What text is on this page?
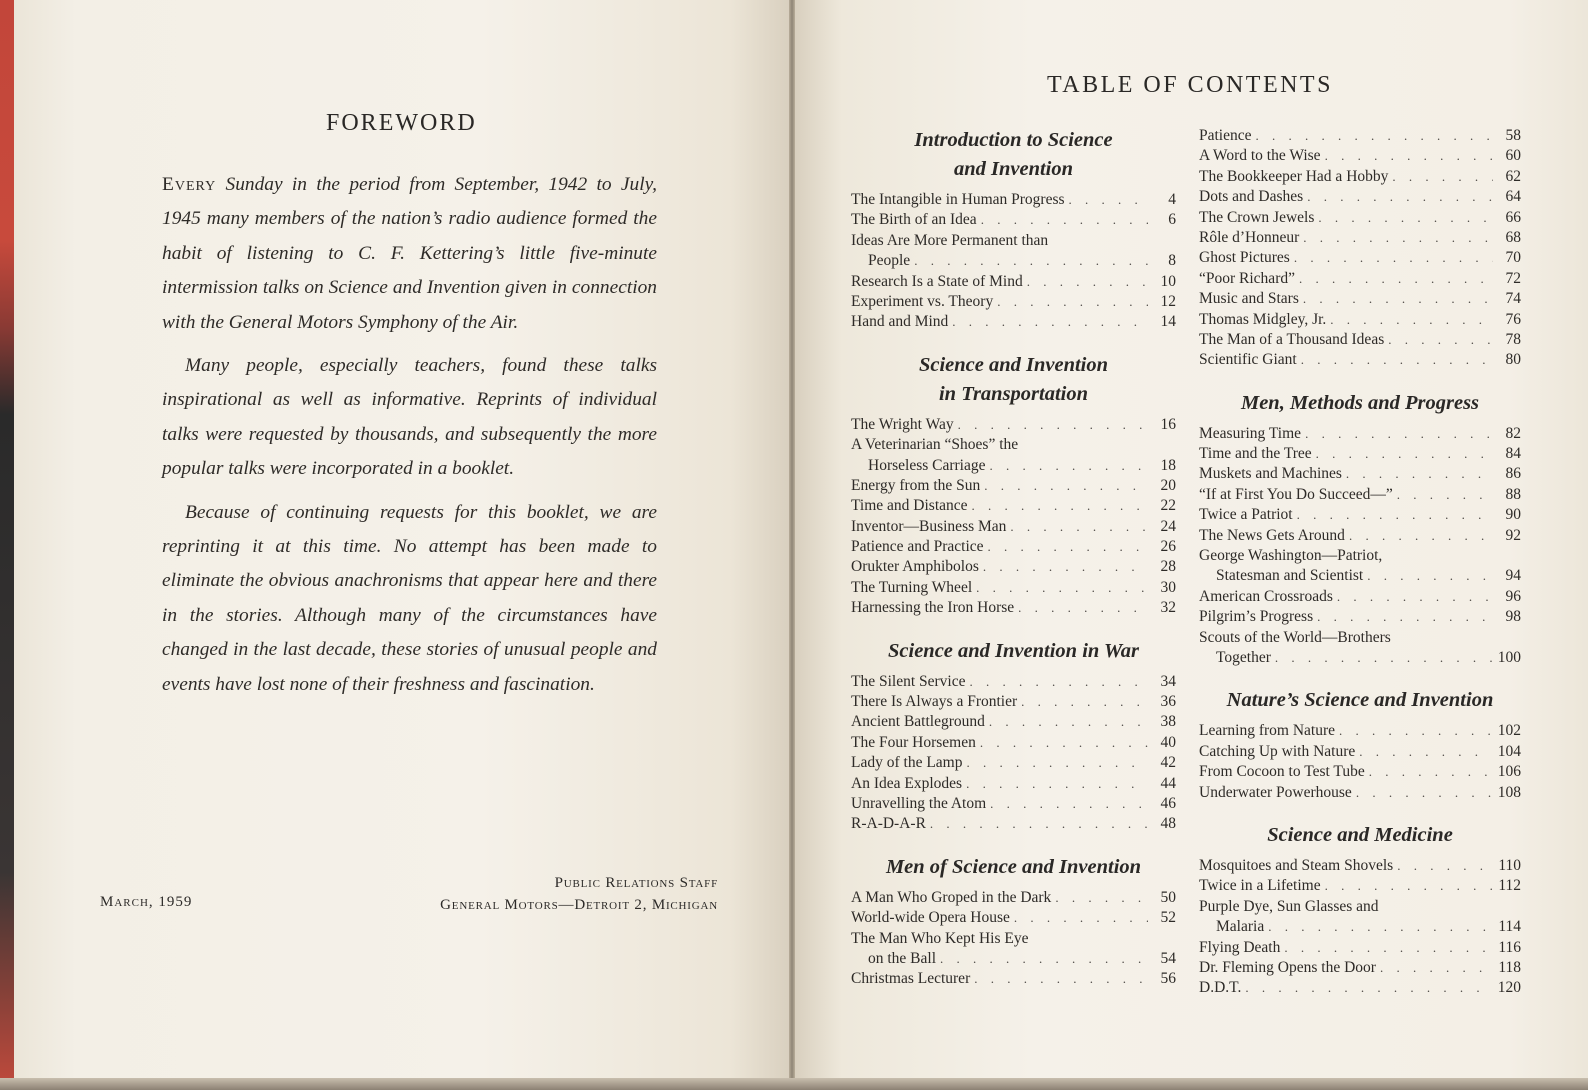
FOREWORD

Every Sunday in the period from September, 1942 to July, 1945 many members of the nation’s radio audience formed the habit of listening to C. F. Kettering’s little five-minute intermission talks on Science and Invention given in connection with the General Motors Symphony of the Air.

Many people, especially teachers, found these talks inspirational as well as informative. Reprints of individual talks were requested by thousands, and subsequently the more popular talks were incorporated in a booklet.

Because of continuing requests for this booklet, we are reprinting it at this time. No attempt has been made to eliminate the obvious anachronisms that appear here and there in the stories. Although many of the circumstances have changed in the last decade, these stories of unusual people and events have lost none of their freshness and fascination.

March, 1959
Public Relations Staff
General Motors—Detroit 2, Michigan
TABLE OF CONTENTS
Introduction to Science
and Invention
The Intangible in Human Progress . . .	4
The Birth of an Idea . . .	6
Ideas Are More Permanent than
People . . .	8
Research Is a State of Mind . . .	10
Experiment vs. Theory . . .	12
Hand and Mind . . .	14
Science and Invention
in Transportation
The Wright Way . . .	16
A Veterinarian “Shoes” the
Horseless Carriage . . .	18
Energy from the Sun . . .	20
Time and Distance . . .	22
Inventor—Business Man . . .	24
Patience and Practice . . .	26
Orukter Amphibolos . . .	28
The Turning Wheel . . .	30
Harnessing the Iron Horse . . .	32
Science and Invention in War
The Silent Service . . .	34
There Is Always a Frontier . . .	36
Ancient Battleground . . .	38
The Four Horsemen . . .	40
Lady of the Lamp . . .	42
An Idea Explodes . . .	44
Unravelling the Atom . . .	46
R-A-D-A-R . . .	48
Men of Science and Invention
A Man Who Groped in the Dark . . .	50
World-wide Opera House . . .	52
The Man Who Kept His Eye
on the Ball . . .	54
Christmas Lecturer . . .	56
Patience . . .	58
A Word to the Wise . . .	60
The Bookkeeper Had a Hobby . . .	62
Dots and Dashes . . .	64
The Crown Jewels . . .	66
Rôle d’Honneur . . .	68
Ghost Pictures . . .	70
“Poor Richard” . . .	72
Music and Stars . . .	74
Thomas Midgley, Jr. . . .	76
The Man of a Thousand Ideas . . .	78
Scientific Giant . . .	80
Men, Methods and Progress
Measuring Time . . .	82
Time and the Tree . . .	84
Muskets and Machines . . .	86
“If at First You Do Succeed—” . . .	88
Twice a Patriot . . .	90
The News Gets Around . . .	92
George Washington—Patriot,
Statesman and Scientist . . .	94
American Crossroads . . .	96
Pilgrim’s Progress . . .	98
Scouts of the World—Brothers
Together . . .	100
Nature’s Science and Invention
Learning from Nature . . .	102
Catching Up with Nature . . .	104
From Cocoon to Test Tube . . .	106
Underwater Powerhouse . . .	108
Science and Medicine
Mosquitoes and Steam Shovels . . .	110
Twice in a Lifetime . . .	112
Purple Dye, Sun Glasses and
Malaria . . .	114
Flying Death . . .	116
Dr. Fleming Opens the Door . . .	118
D.D.T. . . .	120
